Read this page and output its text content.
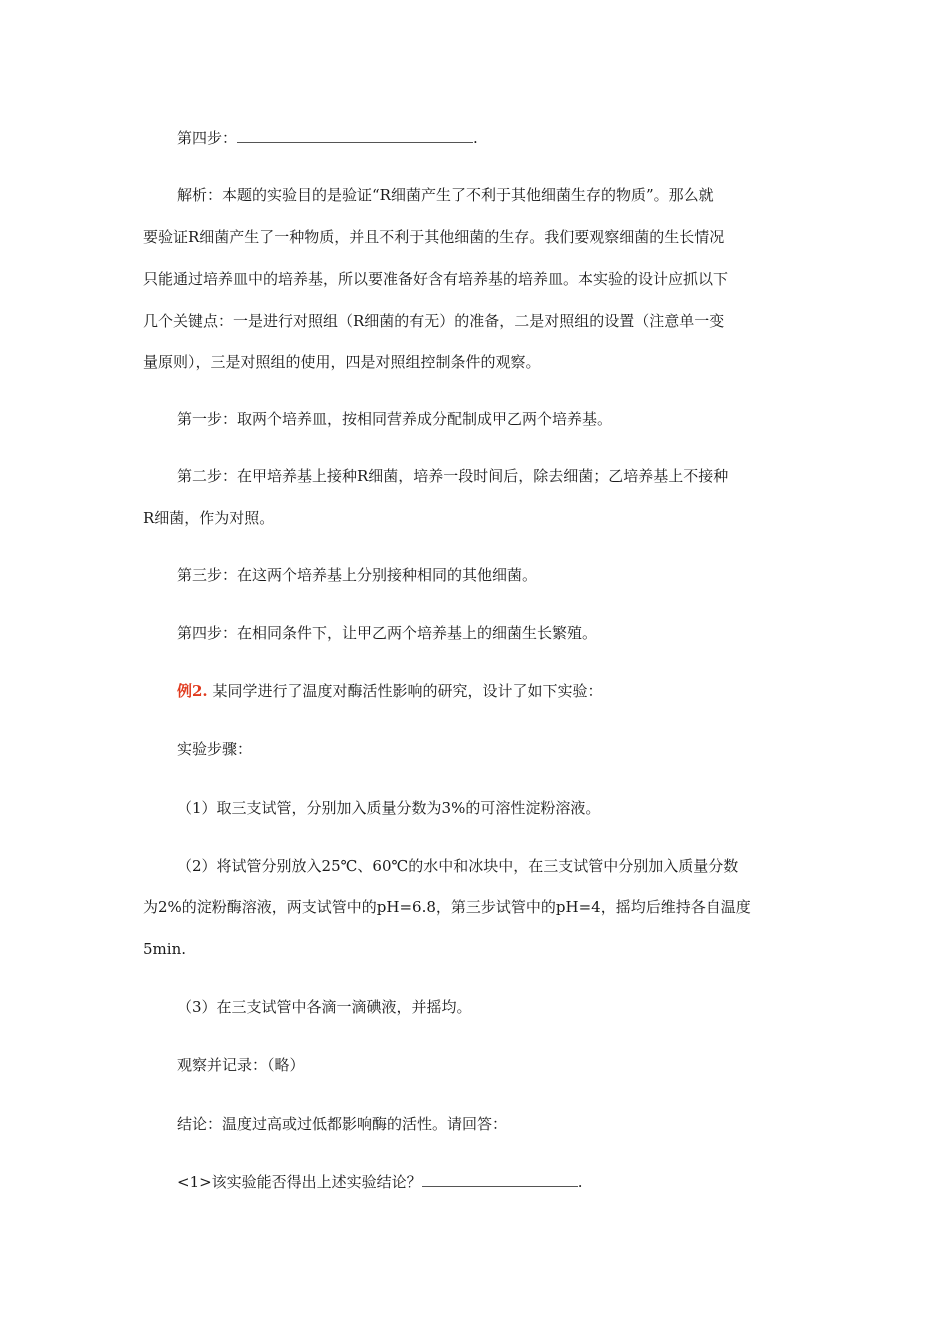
第四步：	.
解析：本题的实验目的是验证“R细菌产生了不利于其他细菌生存的物质”。那么就
要验证R细菌产生了一种物质，并且不利于其他细菌的生存。我们要观察细菌的生长情况
只能通过培养皿中的培养基，所以要准备好含有培养基的培养皿。本实验的设计应抓以下
几个关键点：一是进行对照组（R细菌的有无）的准备，二是对照组的设置（注意单一变
量原则），三是对照组的使用，四是对照组控制条件的观察。
第一步：取两个培养皿，按相同营养成分配制成甲乙两个培养基。
第二步：在甲培养基上接种R细菌，培养一段时间后，除去细菌；乙培养基上不接种
R细菌，作为对照。
第三步：在这两个培养基上分别接种相同的其他细菌。
第四步：在相同条件下，让甲乙两个培养基上的细菌生长繁殖。
例2. 某同学进行了温度对酶活性影响的研究，设计了如下实验：
实验步骤：
（1）取三支试管，分别加入质量分数为3%的可溶性淀粉溶液。
（2）将试管分别放入25℃、60℃的水中和冰块中，在三支试管中分别加入质量分数
为2%的淀粉酶溶液，两支试管中的pH=6.8，第三步试管中的pH=4，摇均后维持各自温度
5min.
（3）在三支试管中各滴一滴碘液，并摇均。
观察并记录：（略）
结论：温度过高或过低都影响酶的活性。请回答：
<1>该实验能否得出上述实验结论？	.
